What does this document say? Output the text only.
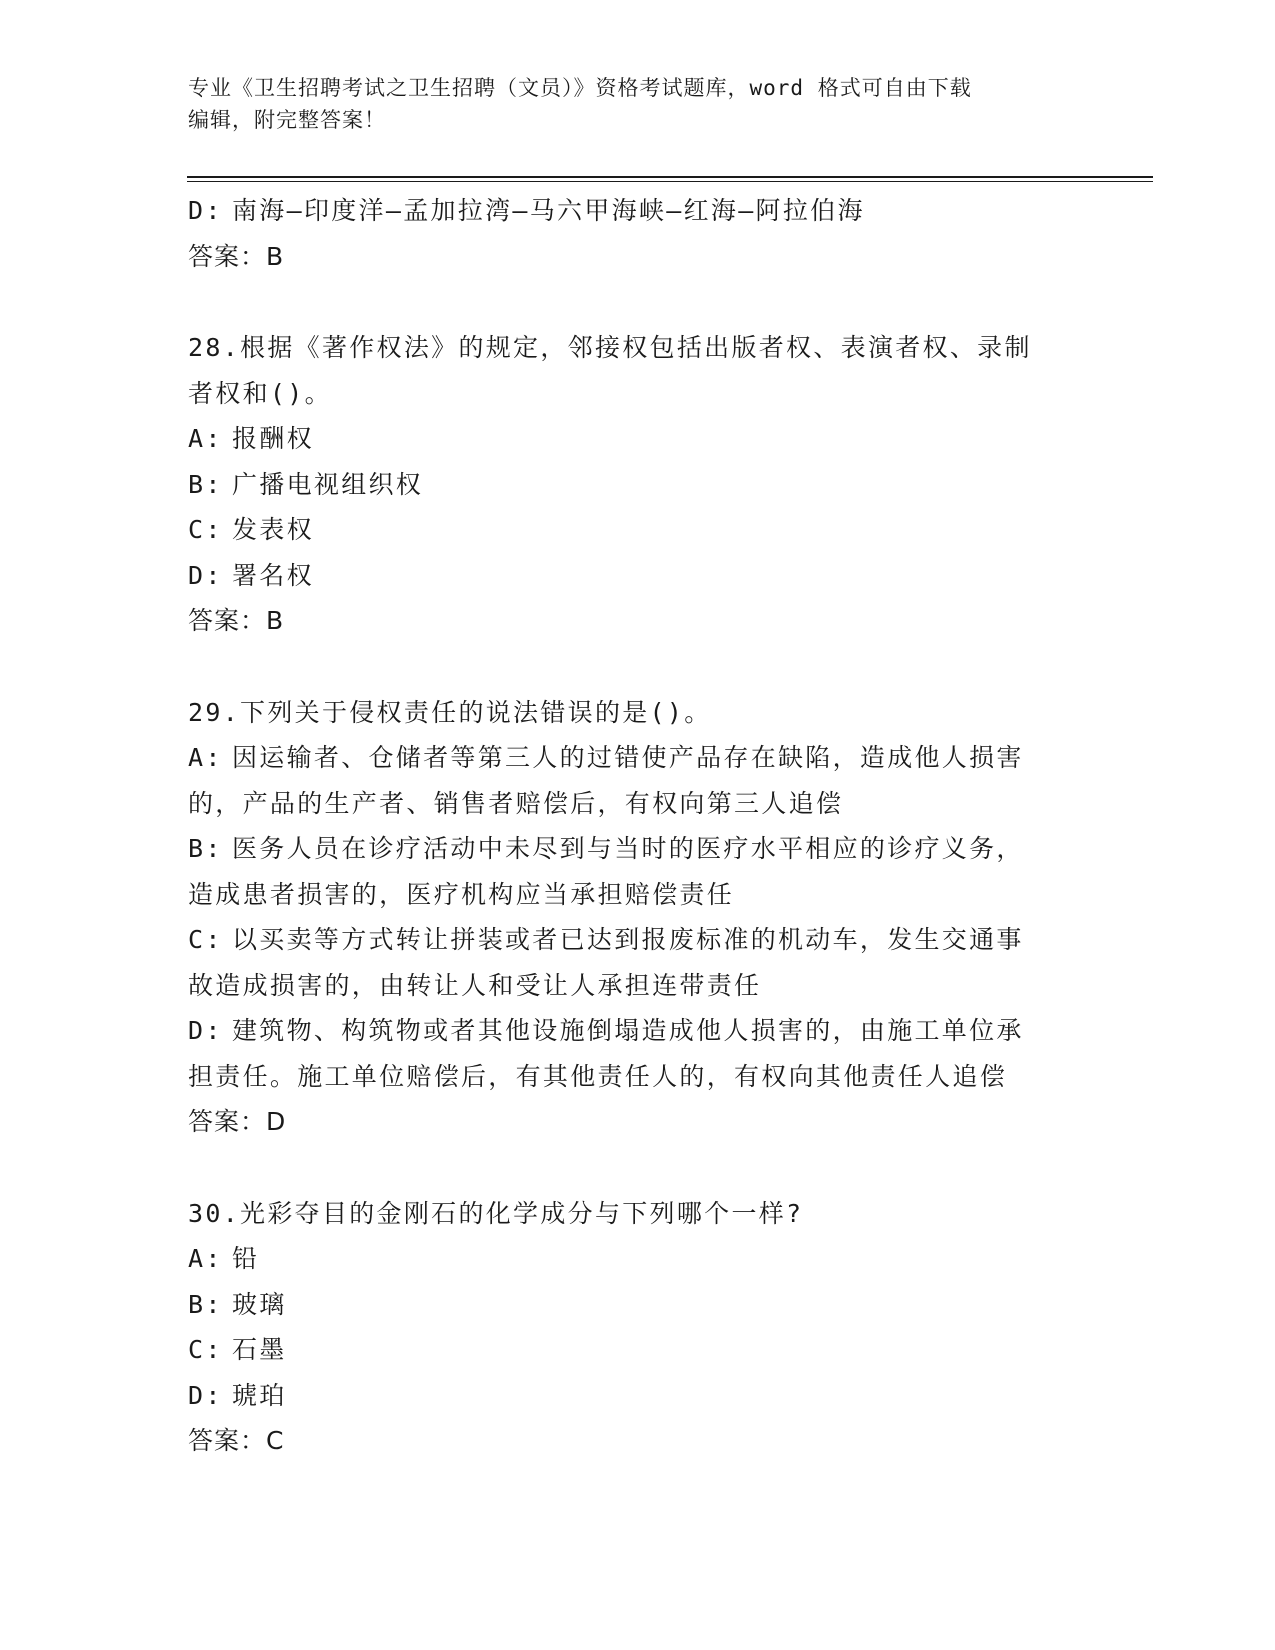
专业《卫生招聘考试之卫生招聘（文员）》资格考试题库，word 格式可自由下载
编辑，附完整答案！
D: 南海—印度洋—孟加拉湾—马六甲海峡—红海—阿拉伯海
答案：B
28.根据《著作权法》的规定，邻接权包括出版者权、表演者权、录制
者权和()。
A: 报酬权
B: 广播电视组织权
C: 发表权
D: 署名权
答案：B
29.下列关于侵权责任的说法错误的是()。
A: 因运输者、仓储者等第三人的过错使产品存在缺陷，造成他人损害
的，产品的生产者、销售者赔偿后，有权向第三人追偿
B: 医务人员在诊疗活动中未尽到与当时的医疗水平相应的诊疗义务，
造成患者损害的，医疗机构应当承担赔偿责任
C: 以买卖等方式转让拼装或者已达到报废标准的机动车，发生交通事
故造成损害的，由转让人和受让人承担连带责任
D: 建筑物、构筑物或者其他设施倒塌造成他人损害的，由施工单位承
担责任。施工单位赔偿后，有其他责任人的，有权向其他责任人追偿
答案：D
30.光彩夺目的金刚石的化学成分与下列哪个一样?
A: 铅
B: 玻璃
C: 石墨
D: 琥珀
答案：C
